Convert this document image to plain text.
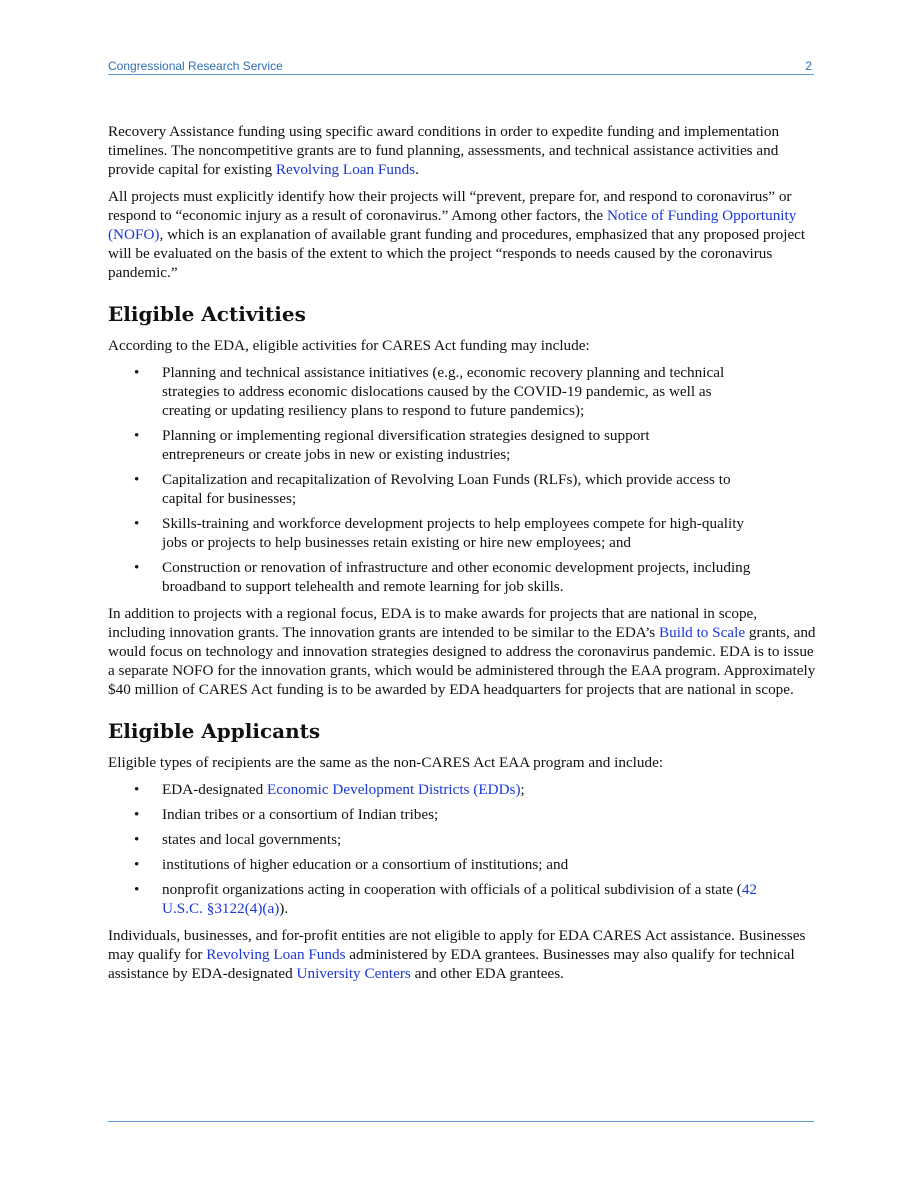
Congressional Research Service	2

Recovery Assistance funding using specific award conditions in order to expedite funding and implementation timelines. The noncompetitive grants are to fund planning, assessments, and technical assistance activities and provide capital for existing Revolving Loan Funds.

All projects must explicitly identify how their projects will “prevent, prepare for, and respond to coronavirus” or respond to “economic injury as a result of coronavirus.” Among other factors, the Notice of Funding Opportunity (NOFO), which is an explanation of available grant funding and procedures, emphasized that any proposed project will be evaluated on the basis of the extent to which the project “responds to needs caused by the coronavirus pandemic.”

Eligible Activities

According to the EDA, eligible activities for CARES Act funding may include:

• Planning and technical assistance initiatives (e.g., economic recovery planning and technical strategies to address economic dislocations caused by the COVID-19 pandemic, as well as creating or updating resiliency plans to respond to future pandemics);
• Planning or implementing regional diversification strategies designed to support entrepreneurs or create jobs in new or existing industries;
• Capitalization and recapitalization of Revolving Loan Funds (RLFs), which provide access to capital for businesses;
• Skills-training and workforce development projects to help employees compete for high-quality jobs or projects to help businesses retain existing or hire new employees; and
• Construction or renovation of infrastructure and other economic development projects, including broadband to support telehealth and remote learning for job skills.

In addition to projects with a regional focus, EDA is to make awards for projects that are national in scope, including innovation grants. The innovation grants are intended to be similar to the EDA’s Build to Scale grants, and would focus on technology and innovation strategies designed to address the coronavirus pandemic. EDA is to issue a separate NOFO for the innovation grants, which would be administered through the EAA program. Approximately $40 million of CARES Act funding is to be awarded by EDA headquarters for projects that are national in scope.

Eligible Applicants

Eligible types of recipients are the same as the non-CARES Act EAA program and include:

• EDA-designated Economic Development Districts (EDDs);
• Indian tribes or a consortium of Indian tribes;
• states and local governments;
• institutions of higher education or a consortium of institutions; and
• nonprofit organizations acting in cooperation with officials of a political subdivision of a state (42 U.S.C. §3122(4)(a)).

Individuals, businesses, and for-profit entities are not eligible to apply for EDA CARES Act assistance. Businesses may qualify for Revolving Loan Funds administered by EDA grantees. Businesses may also qualify for technical assistance by EDA-designated University Centers and other EDA grantees.
